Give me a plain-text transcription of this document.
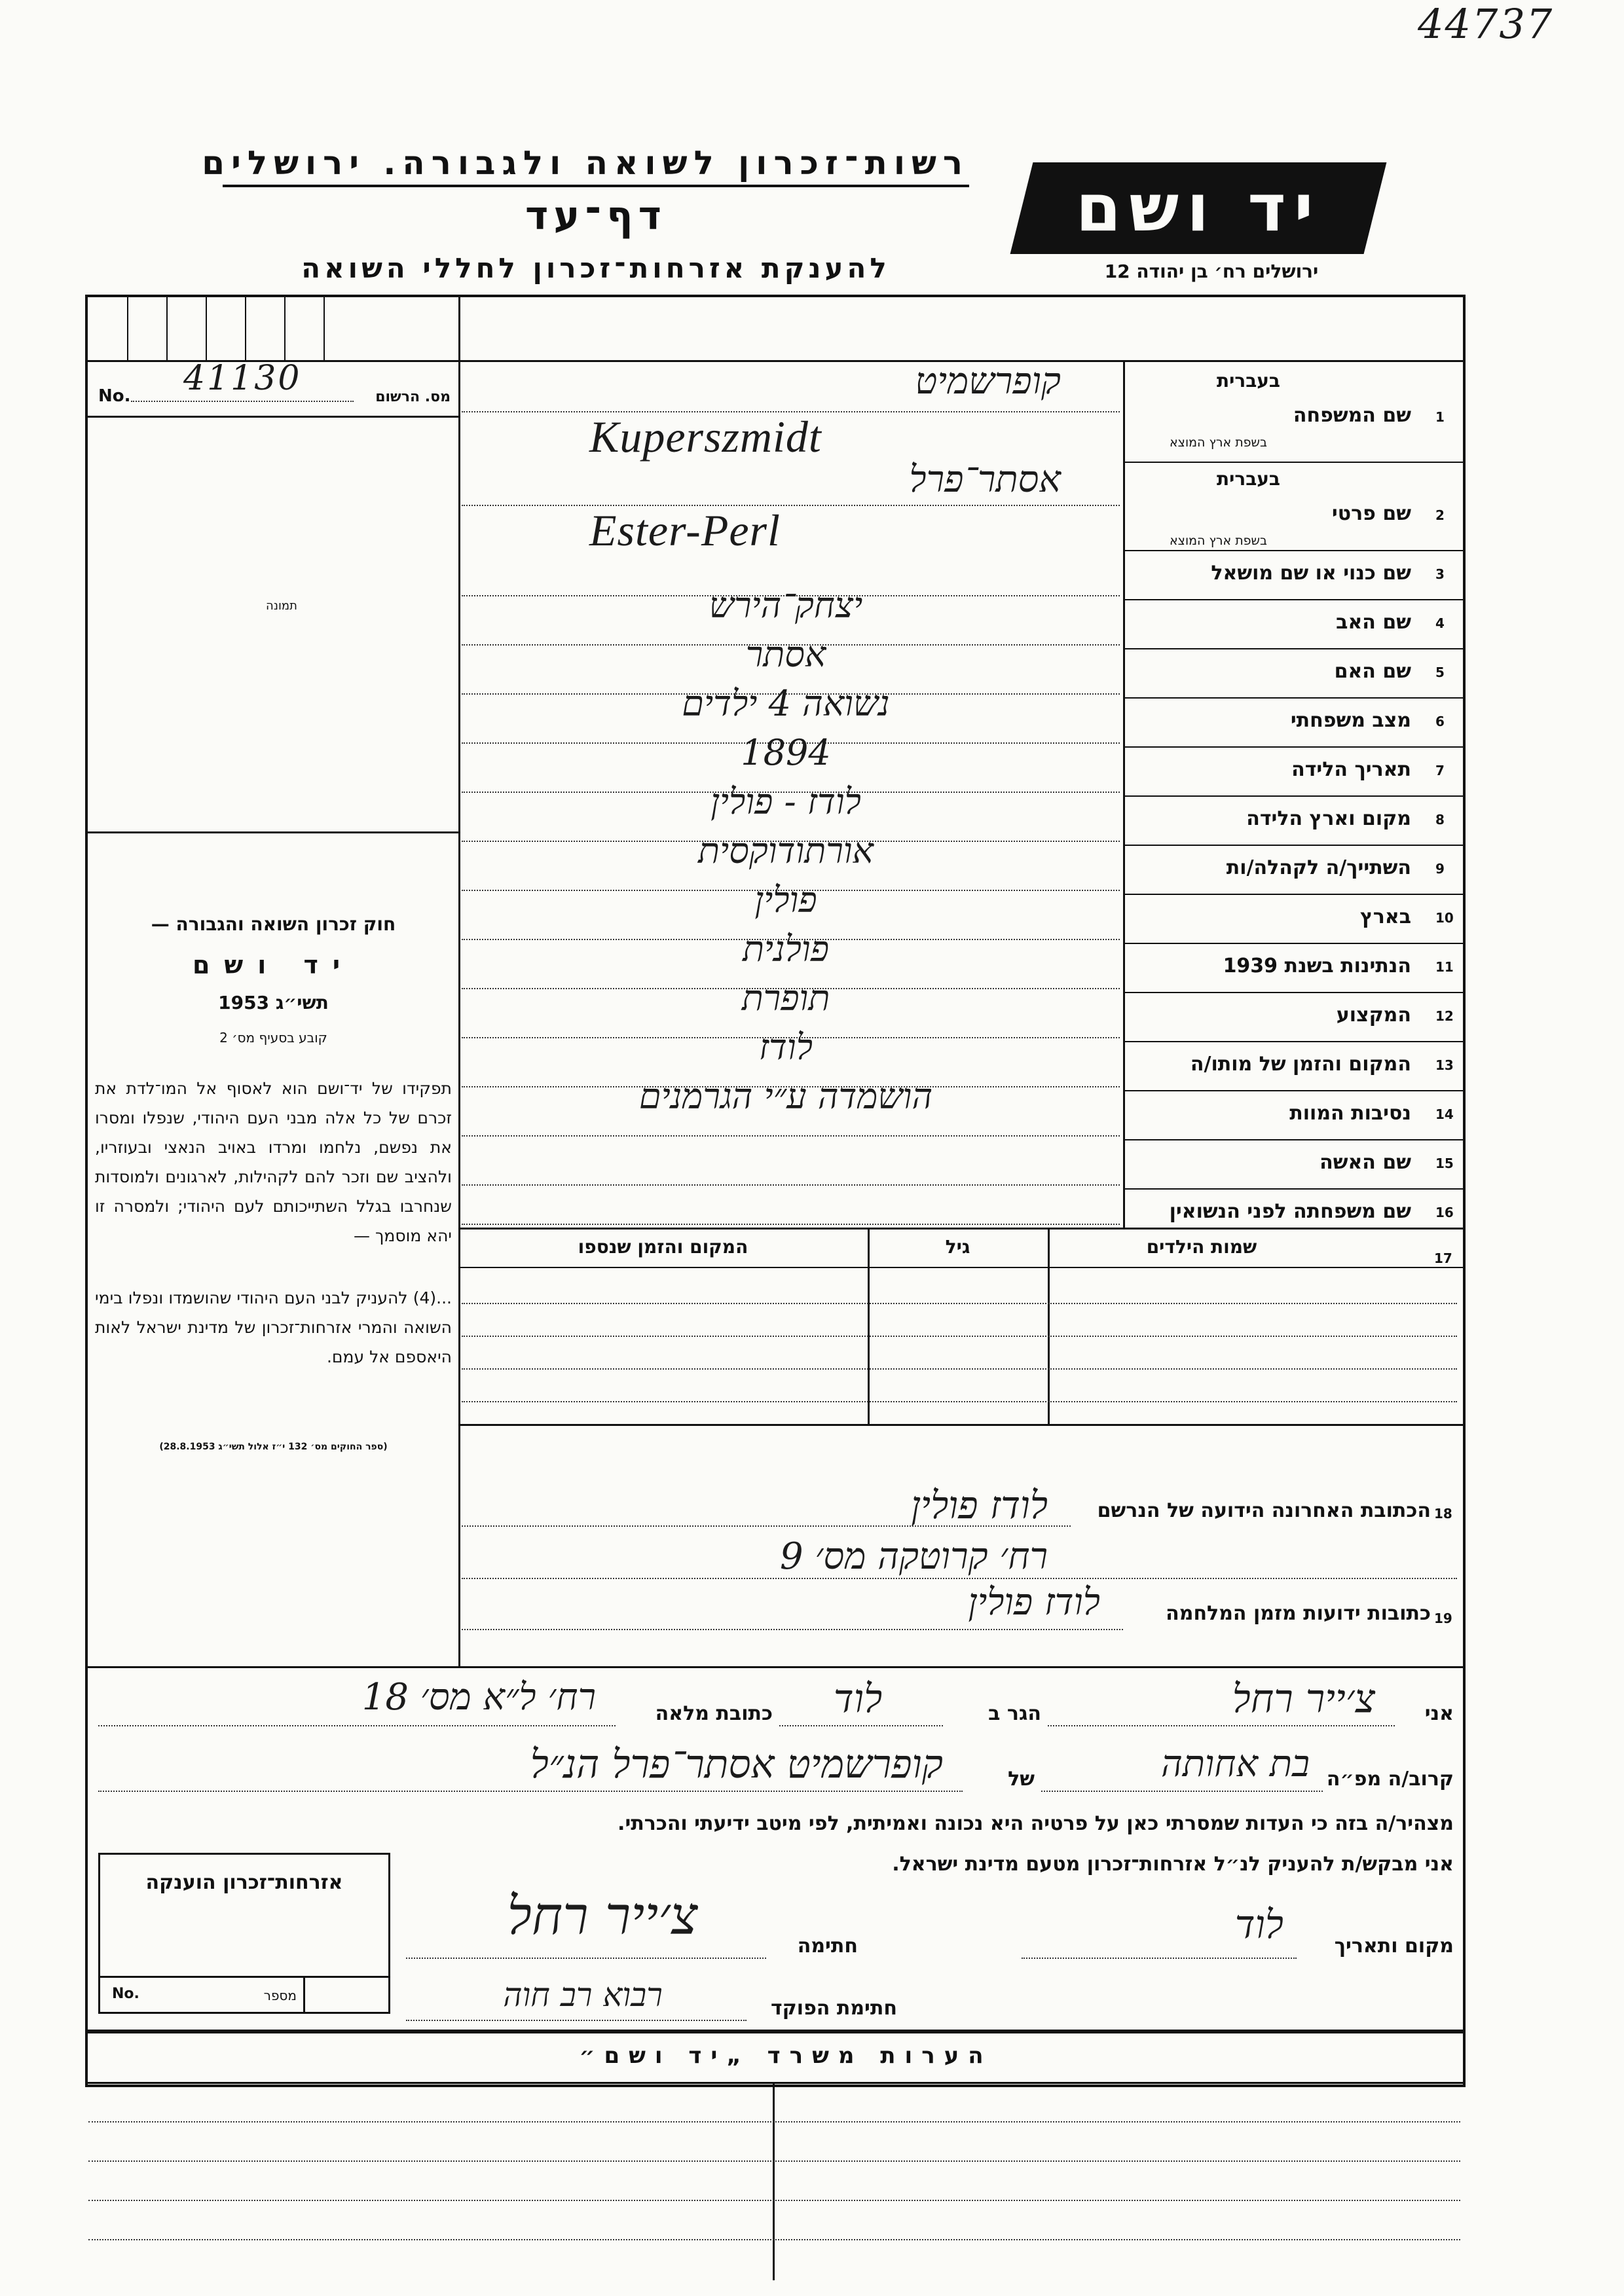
44737
רשות־זכרון לשואה ולגבורה. ירושלים
דף־עד
להענקת אזרחות־זכרון לחללי השואה
יד ושם
ירושלים רח׳ בן יהודה 12
No. 41130	מס. הרשום
תמונה
חוק זכרון השואה והגבורה —
יד ושם
תשי״ג 1953
קובע בסעיף מס׳ 2
תפקידו של יד־ושם הוא לאסוף אל המו־לדת את זכרם של כל אלה מבני העם היהודי, שנפלו ומסרו את נפשם, נלחמו ומרדו באויב הנאצי ובעוזריו, ולהציב שם וזכר להם לקהילות, לארגונים ולמוסדות שנחרבו בגלל השתייכותם לעם היהודי; ולמסרה זו יהא מוסמך —
...(4) להעניק לבני העם היהודי שהושמדו ונפלו בימי השואה והמרי אזרחות־זכרון של מדינת ישראל לאות היאספם אל עמם.
(ספר החוקים מס׳ 132 י״ז אלול תשי״ג 28.8.1953)
1
שם המשפחה
בעברית
בשפת ארץ המוצא
קופרשמיט
Kuperszmidt
2
שם פרטי
בעברית
בשפת ארץ המוצא
אסתר־פרל
Ester-Perl
3
שם כנוי או שם מושאל
4
שם האב
יצחק־הירש
5
שם האם
אסתר
6
מצב משפחתי
נשואה 4 ילדים
7
תאריך הלידה
1894
8
מקום וארץ הלידה
לודז - פולין
9
השתייך/ה לקהלה/ות
אורתודוקסית
10
בארץ
פולין
11
הנתינות בשנת 1939
פולנית
12
המקצוע
תופרת
13
המקום והזמן של מותו/ה
לודז
14
נסיבות המוות
הושמדה ע״י הגרמנים
15
שם האשה
16
שם משפחתה לפני הנשואין
17
שמות הילדים
גיל
המקום והזמן שנספו
18
הכתובת האחרונה הידועה של הנרשם
לודז פולין
רח׳ קרוטקה מס׳ 9
19
כתובות ידועות מזמן המלחמה
לודז פולין
אני
צ׳ייר רחל
הגר ב
לוד
כתובת מלאה
רח׳ ל״א מס׳ 18
קרוב/ה מפ״ה
בת אחותה
של
קופרשמיט אסתר־פרל הנ״ל
מצהיר/ה בזה כי העדות שמסרתי כאן על פרטיה היא נכונה ואמיתית, לפי מיטב ידיעתי והכרתי.
אני מבקש/ת להעניק לנ״ל אזרחות־זכרון מטעם מדינת ישראל.
מקום ותאריך
לוד
חתימה
צ׳ייר רחל
חתימת הפוקד
רבוא רב חוה
אזרחות־זכרון הוענקה
No.	מספר
הערות משרד „יד ושם״
